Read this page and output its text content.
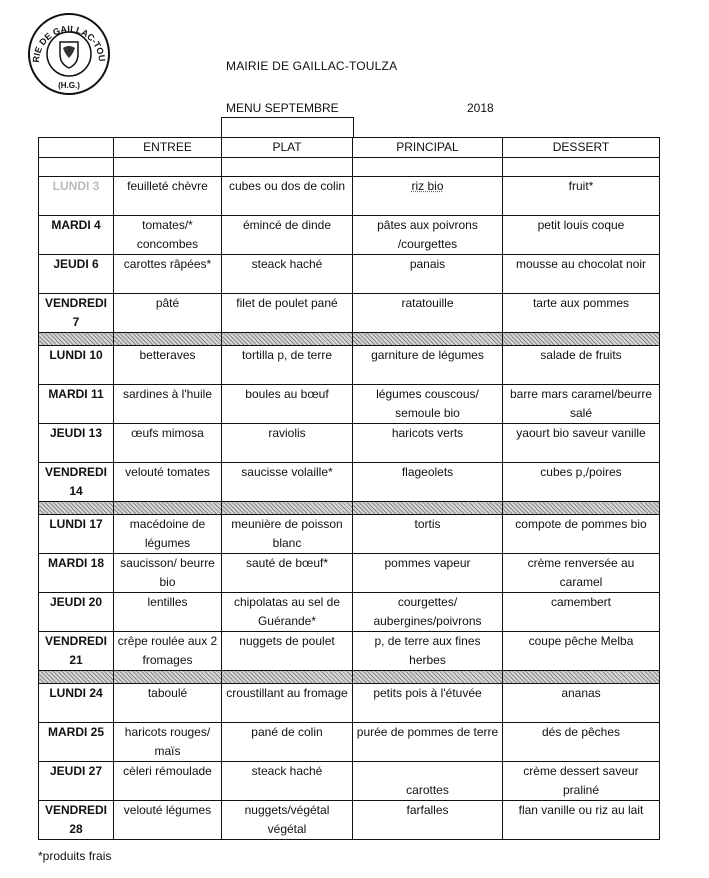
RIE DE GAILLAC-TOU
(H.G.)
MAIRIE DE GAILLAC-TOULZA
MENU SEPTEMBRE	2018
	ENTREE	PLAT	PRINCIPAL	DESSERT

LUNDI 3	feuilleté chèvre	cubes ou dos de colin	riz bio	fruit*
MARDI 4	tomates/* concombes	émincé de dinde	pâtes aux poivrons /courgettes	petit louis coque
JEUDI 6	carottes râpées*	steack haché	panais	mousse au chocolat noir
VENDREDI 7	pâté	filet de poulet pané	ratatouille	tarte aux pommes

LUNDI 10	betteraves	tortilla p, de terre	garniture de légumes	salade de fruits
MARDI 11	sardines à l'huile	boules au bœuf	légumes couscous/ semoule bio	barre mars caramel/beurre salé
JEUDI 13	œufs mimosa	raviolis	haricots verts	yaourt bio saveur vanille
VENDREDI 14	velouté tomates	saucisse volaille*	flageolets	cubes p,/poires

LUNDI 17	macédoine de légumes	meunière de poisson blanc	tortis	compote de pommes bio
MARDI 18	saucisson/ beurre bio	sauté de bœuf*	pommes vapeur	crème renversée au caramel
JEUDI 20	lentilles	chipolatas au sel de Guérande*	courgettes/ aubergines/poivrons	camembert
VENDREDI 21	crêpe roulée aux 2 fromages	nuggets de poulet	p, de terre aux fines herbes	coupe pêche Melba

LUNDI 24	taboulé	croustillant au fromage	petits pois à l'étuvée	ananas
MARDI 25	haricots rouges/ maïs	pané de colin	purée de pommes de terre	dés de pêches
JEUDI 27	cèleri rémoulade	steack haché	carottes	crème dessert saveur praliné
VENDREDI 28	velouté légumes	nuggets/végétal végétal	farfalles	flan vanille ou riz au lait
*produits frais
